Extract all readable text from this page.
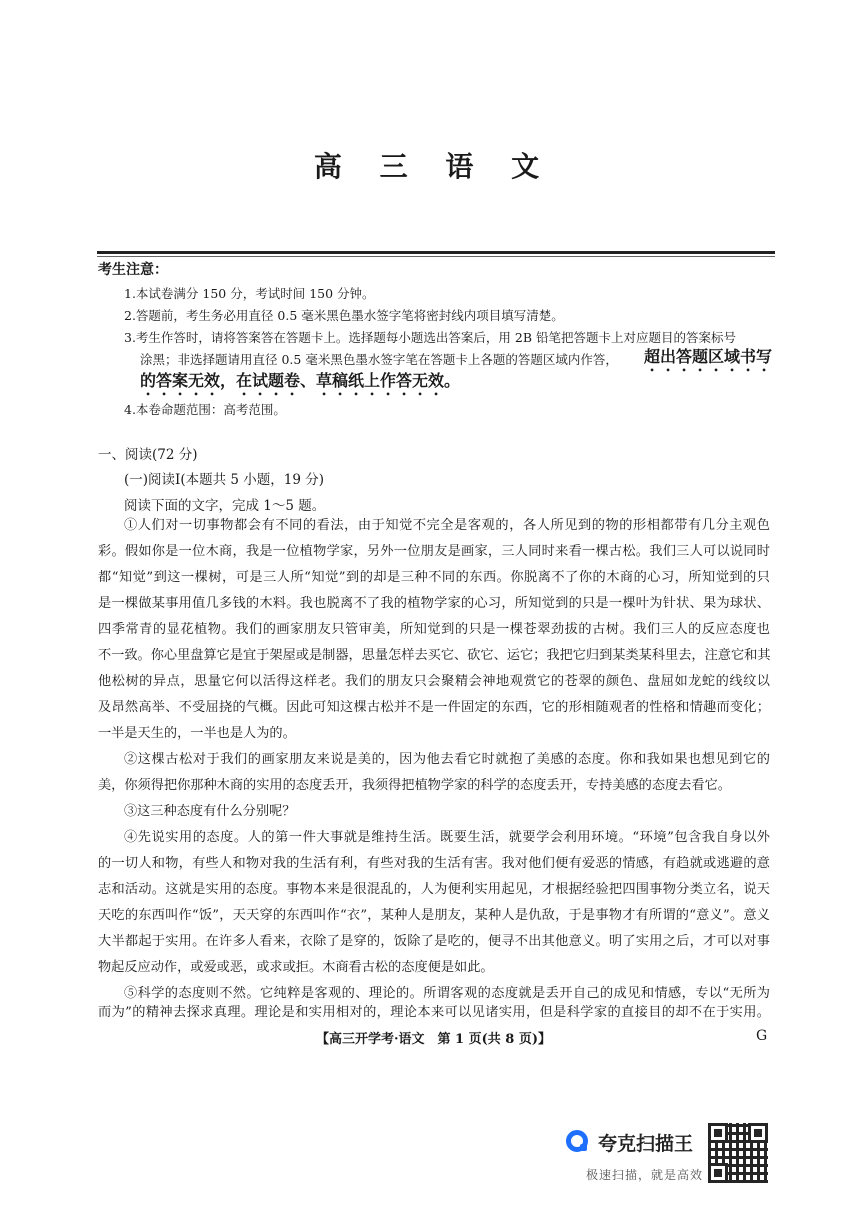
高 三 语 文
考生注意：
1.本试卷满分 150 分，考试时间 150 分钟。
2.答题前，考生务必用直径 0.5 毫米黑色墨水签字笔将密封线内项目填写清楚。
3.考生作答时，请将答案答在答题卡上。选择题每小题选出答案后，用 2B 铅笔把答题卡上对应题目的答案标号
涂黑；非选择题请用直径 0.5 毫米黑色墨水签字笔在答题卡上各题的答题区域内作答， 超出答题区域书写
的答案无效，在试题卷、草稿纸上作答无效。
4.本卷命题范围：高考范围。
一、阅读(72 分)
(一)阅读Ⅰ(本题共 5 小题，19 分)
阅读下面的文字，完成 1～5 题。
①人们对一切事物都会有不同的看法，由于知觉不完全是客观的，各人所见到的物的形相都带有几分主观色
彩。假如你是一位木商，我是一位植物学家，另外一位朋友是画家，三人同时来看一棵古松。我们三人可以说同时
都“知觉”到这一棵树，可是三人所“知觉”到的却是三种不同的东西。你脱离不了你的木商的心习，所知觉到的只
是一棵做某事用值几多钱的木料。我也脱离不了我的植物学家的心习，所知觉到的只是一棵叶为针状、果为球状、
四季常青的显花植物。我们的画家朋友只管审美，所知觉到的只是一棵苍翠劲拔的古树。我们三人的反应态度也
不一致。你心里盘算它是宜于架屋或是制器，思量怎样去买它、砍它、运它；我把它归到某类某科里去，注意它和其
他松树的异点，思量它何以活得这样老。我们的朋友只会聚精会神地观赏它的苍翠的颜色、盘屈如龙蛇的线纹以
及昂然高举、不受屈挠的气概。因此可知这棵古松并不是一件固定的东西，它的形相随观者的性格和情趣而变化；
一半是天生的，一半也是人为的。
②这棵古松对于我们的画家朋友来说是美的，因为他去看它时就抱了美感的态度。你和我如果也想见到它的
美，你须得把你那种木商的实用的态度丢开，我须得把植物学家的科学的态度丢开，专持美感的态度去看它。
③这三种态度有什么分别呢？
④先说实用的态度。人的第一件大事就是维持生活。既要生活，就要学会利用环境。“环境”包含我自身以外
的一切人和物，有些人和物对我的生活有利，有些对我的生活有害。我对他们便有爱恶的情感，有趋就或逃避的意
志和活动。这就是实用的态度。事物本来是很混乱的，人为便利实用起见，才根据经验把四围事物分类立名，说天
天吃的东西叫作“饭”，天天穿的东西叫作“衣”，某种人是朋友，某种人是仇敌，于是事物才有所谓的“意义”。意义
大半都起于实用。在许多人看来，衣除了是穿的，饭除了是吃的，便寻不出其他意义。明了实用之后，才可以对事
物起反应动作，或爱或恶，或求或拒。木商看古松的态度便是如此。
⑤科学的态度则不然。它纯粹是客观的、理论的。所谓客观的态度就是丢开自己的成见和情感，专以“无所为
而为”的精神去探求真理。理论是和实用相对的，理论本来可以见诸实用，但是科学家的直接目的却不在于实用。
【高三开学考·语文　第 1 页(共 8 页)】	G
夸克扫描王
极速扫描，就是高效
